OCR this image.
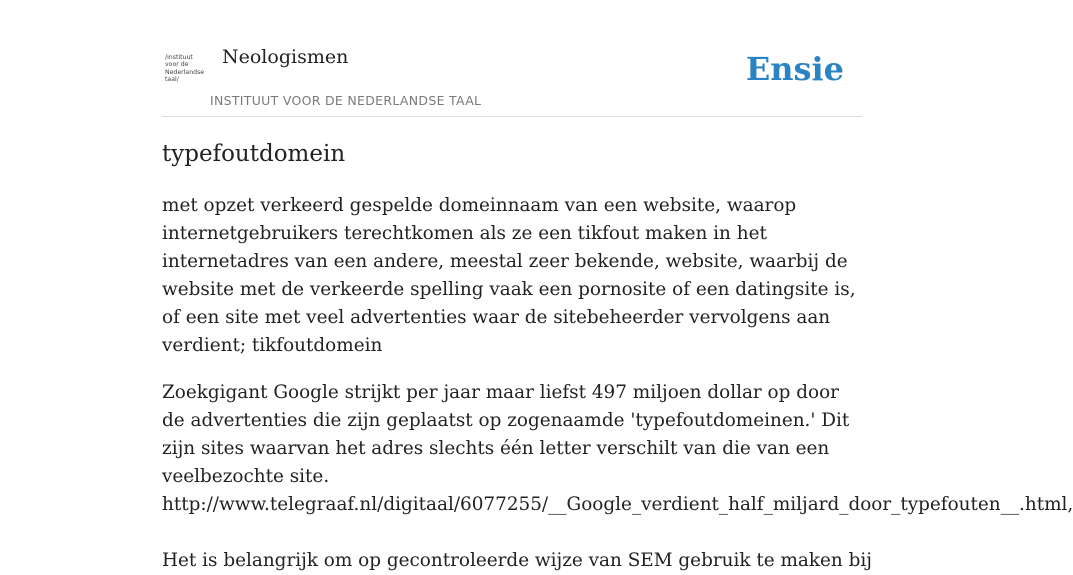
/instituut
voor de
Nederlandse
taal/
Neologismen
INSTITUUT VOOR DE NEDERLANDSE TAAL
Ensie
typefoutdomein

met opzet verkeerd gespelde domeinnaam van een website, waarop internetgebruikers terechtkomen als ze een tikfout maken in het internetadres van een andere, meestal zeer bekende, website, waarbij de website met de verkeerde spelling vaak een pornosite of een datingsite is, of een site met veel advertenties waar de sitebeheerder vervolgens aan verdient; tikfoutdomein

Zoekgigant Google strijkt per jaar maar liefst 497 miljoen dollar op door de advertenties die zijn geplaatst op zogenaamde 'typefoutdomeinen.' Dit zijn sites waarvan het adres slechts één letter verschilt van die van een veelbezochte site.
http://www.telegraaf.nl/digitaal/6077255/__Google_verdient_half_miljard_door_typefouten__.html,

Het is belangrijk om op gecontroleerde wijze van SEM gebruik te maken bij
